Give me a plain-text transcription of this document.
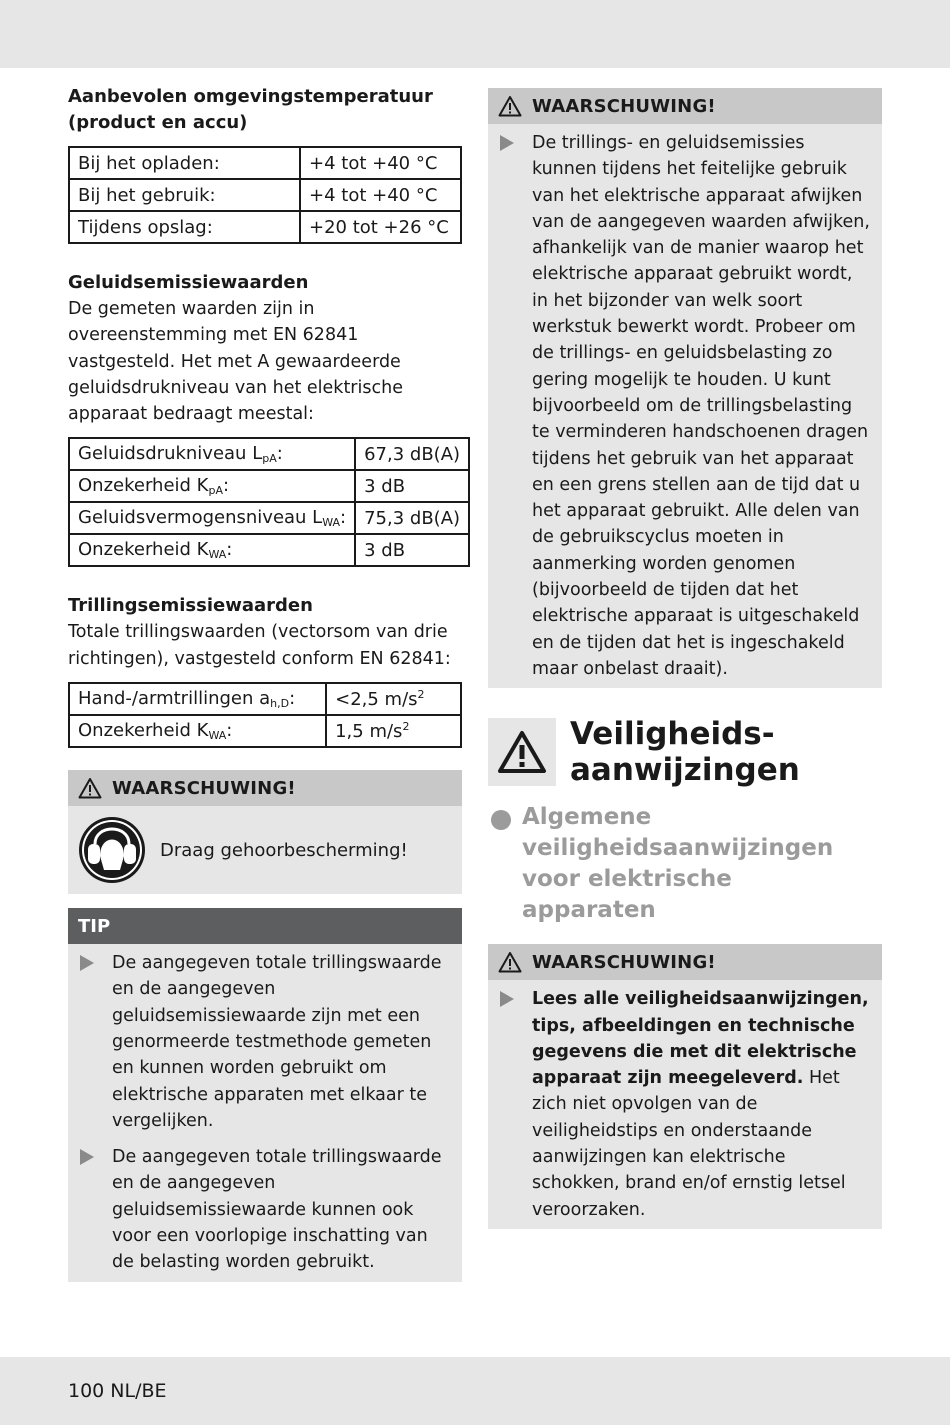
Aanbevolen omgevingstemperatuur (product en accu)
Bij het opladen:	+4 tot +40 °C
Bij het gebruik:	+4 tot +40 °C
Tijdens opslag:	+20 tot +26 °C
Geluidsemissiewaarden
De gemeten waarden zijn in overeenstemming met EN 62841 vastgesteld. Het met A gewaardeerde geluidsdrukniveau van het elektrische apparaat bedraagt meestal:
Geluidsdrukniveau $L_{pA}$:	67,3 dB(A)
Onzekerheid $K_{pA}$:	3 dB
Geluidsvermogensniveau $L_{WA}$:	75,3 dB(A)
Onzekerheid $K_{WA}$:	3 dB
Trillingsemissiewaarden
Totale trillingswaarden (vectorsom van drie richtingen), vastgesteld conform EN 62841:
Hand-/armtrillingen $a_{h,D}$:	<2,5 $m/s^2$
Onzekerheid $K_{WA}$:	1,5 $m/s^2$
WAARSCHUWING!
Draag gehoorbescherming!
TIP
De aangegeven totale trillingswaarde en de aangegeven geluidsemissiewaarde zijn met een genormeerde testmethode gemeten en kunnen worden gebruikt om elektrische apparaten met elkaar te vergelijken.
De aangegeven totale trillingswaarde en de aangegeven geluidsemissiewaarde kunnen ook voor een voorlopige inschatting van de belasting worden gebruikt.
WAARSCHUWING!
De trillings- en geluidsemissies kunnen tijdens het feitelijke gebruik van het elektrische apparaat afwijken van de aangegeven waarden afwijken, afhankelijk van de manier waarop het elektrische apparaat gebruikt wordt, in het bijzonder van welk soort werkstuk bewerkt wordt. Probeer om de trillings- en geluidsbelasting zo gering mogelijk te houden. U kunt bijvoorbeeld om de trillingsbelasting te verminderen handschoenen dragen tijdens het gebruik van het apparaat en een grens stellen aan de tijd dat u het apparaat gebruikt. Alle delen van de gebruikscyclus moeten in aanmerking worden genomen (bijvoorbeeld de tijden dat het elektrische apparaat is uitgeschakeld en de tijden dat het is ingeschakeld maar onbelast draait).
Veiligheids-
aanwijzingen
Algemene veiligheidsaanwijzingen voor elektrische apparaten
WAARSCHUWING!
Lees alle veiligheidsaanwijzingen, tips, afbeeldingen en technische gegevens die met dit elektrische apparaat zijn meegeleverd. Het zich niet opvolgen van de veiligheidstips en onderstaande aanwijzingen kan elektrische schokken, brand en/of ernstig letsel veroorzaken.
100 NL/BE
